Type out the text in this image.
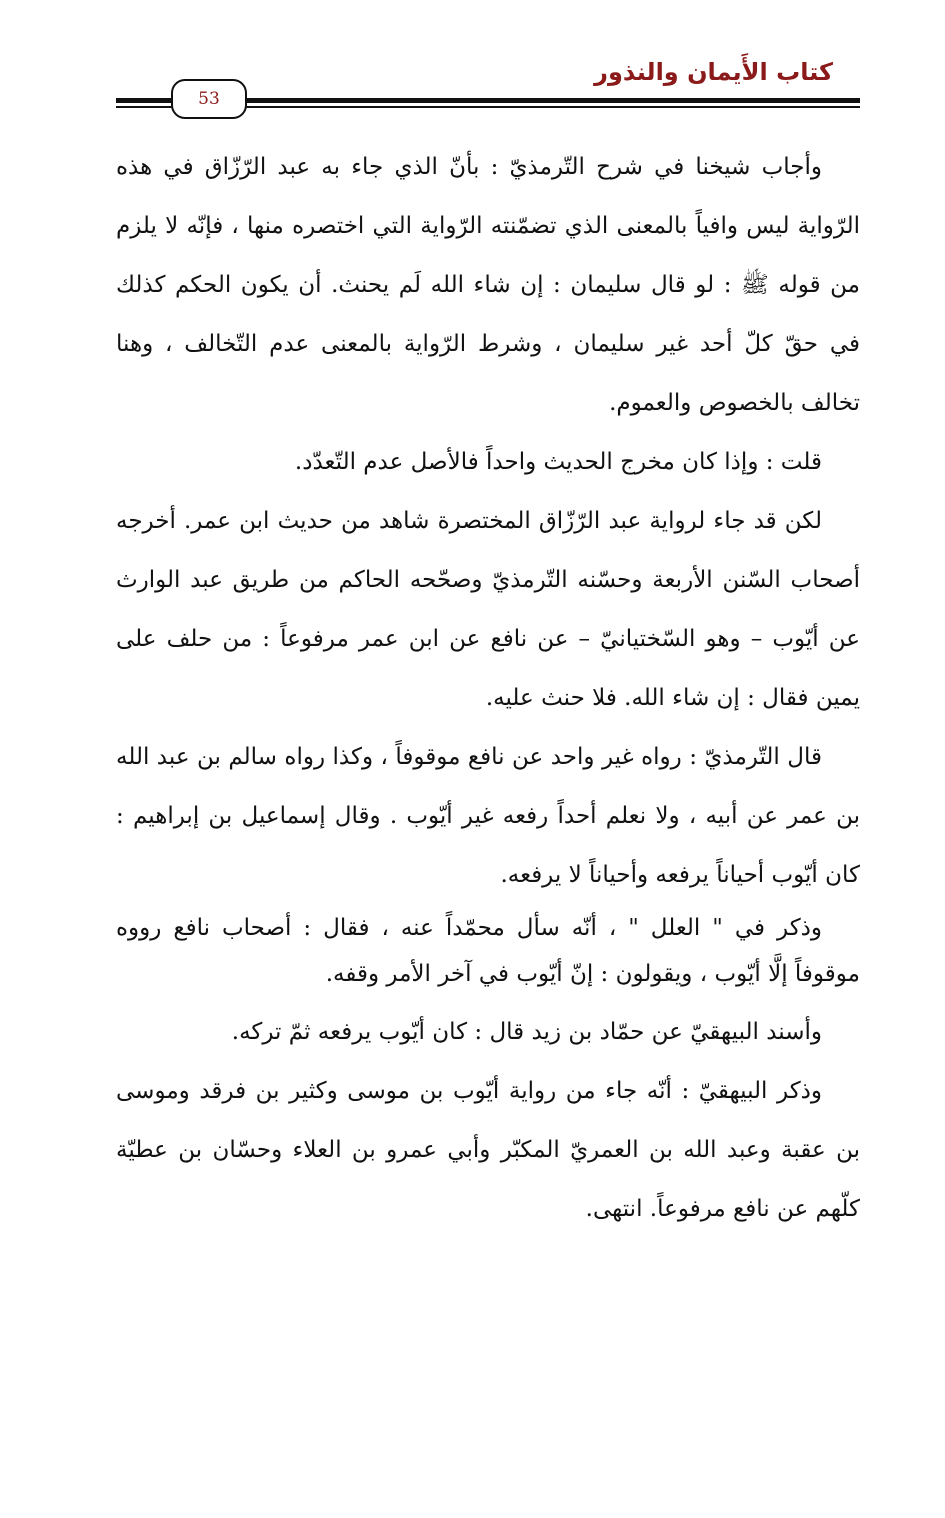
كتاب الأَيمان والنذور
53

وأجاب شيخنا في شرح التّرمذيّ : بأنّ الذي جاء به عبد الرّزّاق في هذه الرّواية ليس وافياً بالمعنى الذي تضمّنته الرّواية التي اختصره منها ، فإنّه لا يلزم من قوله ﷺ : لو قال سليمان : إن شاء الله لَم يحنث. أن يكون الحكم كذلك في حقّ كلّ أحد غير سليمان ، وشرط الرّواية بالمعنى عدم التّخالف ، وهنا تخالف بالخصوص والعموم.

قلت : وإذا كان مخرج الحديث واحداً فالأصل عدم التّعدّد.

لكن قد جاء لرواية عبد الرّزّاق المختصرة شاهد من حديث ابن عمر. أخرجه أصحاب السّنن الأربعة وحسّنه التّرمذيّ وصحّحه الحاكم من طريق عبد الوارث عن أيّوب – وهو السّختيانيّ – عن نافع عن ابن عمر مرفوعاً : من حلف على يمين فقال : إن شاء الله. فلا حنث عليه.

قال التّرمذيّ : رواه غير واحد عن نافع موقوفاً ، وكذا رواه سالم بن عبد الله بن عمر عن أبيه ، ولا نعلم أحداً رفعه غير أيّوب . وقال إسماعيل بن إبراهيم : كان أيّوب أحياناً يرفعه وأحياناً لا يرفعه.

وذكر في " العلل " ، أنّه سأل محمّداً عنه ، فقال : أصحاب نافع رووه موقوفاً إلَّا أيّوب ، ويقولون : إنّ أيّوب في آخر الأمر وقفه.

وأسند البيهقيّ عن حمّاد بن زيد قال : كان أيّوب يرفعه ثمّ تركه.

وذكر البيهقيّ : أنّه جاء من رواية أيّوب بن موسى وكثير بن فرقد وموسى بن عقبة وعبد الله بن العمريّ المكبّر وأبي عمرو بن العلاء وحسّان بن عطيّة كلّهم عن نافع مرفوعاً. انتهى.
